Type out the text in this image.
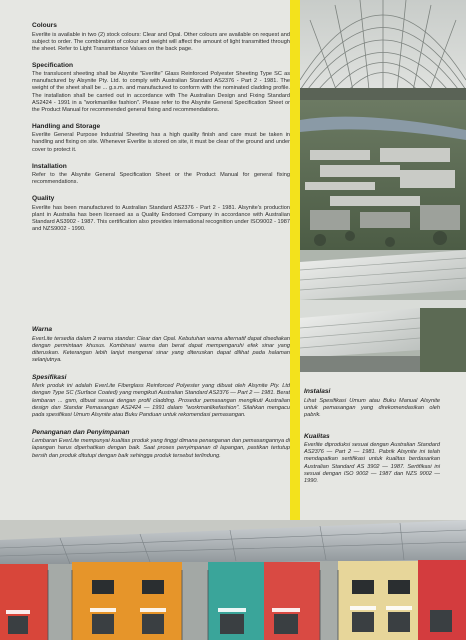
Colours

Everlite is available in two (2) stock colours: Clear and Opal. Other colours are available on request and subject to order. The combination of colour and weight will affect the amount of light transmitted through the sheet. Refer to Light Transmittance Values on the back page.

Specification

The translucent sheeting shall be Alsynite "Everlite" Glass Reinforced Polyester Sheeting Type SC as manufactured by Alsynite Pty. Ltd. to comply with Australian Standard AS2376 - Part 2 - 1981. The weight of the sheet shall be ... g.s.m. and manufactured to conform with the nominated cladding profile. The installation shall be carried out in accordance with The Australian Design and Fixing Standard AS2424 - 1991 in a "workmanlike fashion". Please refer to the Alsynite General Specification Sheet or the Product Manual for recommended general fixing and recommendations.

Handling and Storage

Everlite General Purpose Industrial Sheeting has a high quality finish and care must be taken in handling and fixing on site. Whenever Everlite is stored on site, it must be clear of the ground and under cover to protect it.

Installation

Refer to the Alsynite General Specification Sheet or the Product Manual for general fixing recommendations.

Quality

Everlite has been manufactured to Australian Standard AS2376 - Part 2 - 1981. Alsynite's production plant in Australia has been licensed as a Quality Endorsed Company in accordance with Australian Standard AS3902 - 1987. This certification also provides international recognition under ISO9002 - 1987 and NZS9002 - 1990.

Warna

EverLite tersedia dalam 2 warna standar: Clear dan Opal. Kebutuhan warna alternatif dapat disediakan dengan permintaan khusus. Kombinasi warna dan berat dapat mempengaruhi efek sinar yang diteruskan. Keterangan lebih lanjut mengenai sinar yang diteruskan dapat dilihat pada halaman selanjutnya.

Spesifikasi

Merk produk ini adalah EverLite Fiberglass Reinforced Polyester yang dibuat oleh Alsynite Pty. Ltd dengan Type SC (Surface Coated) yang mengikuti Australian Standard AS2376 — Part 2 — 1981. Berat lembaran ... gsm, dibuat sesuai dengan profil cladding. Prosedur pemasangan mengikuti Australian design dan Standar Pemasangan AS2424 — 1991 dalam "workmanlikefashion". Silahkan mengacu pada spesifikasi Umum Alsynite atau Buku Panduan untuk rekomendasi pemasangan.

Penanganan dan Penyimpanan

Lembaran EverLite mempunyai kualitas produk yang tinggi dimana penanganan dan pemasangannya di lapangan harus diperhatikan dengan baik. Saat proses penyimpanan di lapangan, pastikan tertutup bersih dan produk ditutupi dengan baik sehingga produk tersebut terlindung.

Instalasi

Lihat Spesifikasi Umum atau Buku Manual Alsynite untuk pemasangan yang direkomendasikan oleh pabrik.

Kualitas

Everlite diproduksi sesuai dengan Australian Standard AS2376 — Part 2 — 1981. Pabrik Alsynite ini telah mendapatkan sertifikasi untuk kualitas berdasarkan Australian Standard AS 3902 — 1987. Sertifikasi ini sesuai dengan ISO 9002 — 1987 dan NZS 9002 — 1990.
